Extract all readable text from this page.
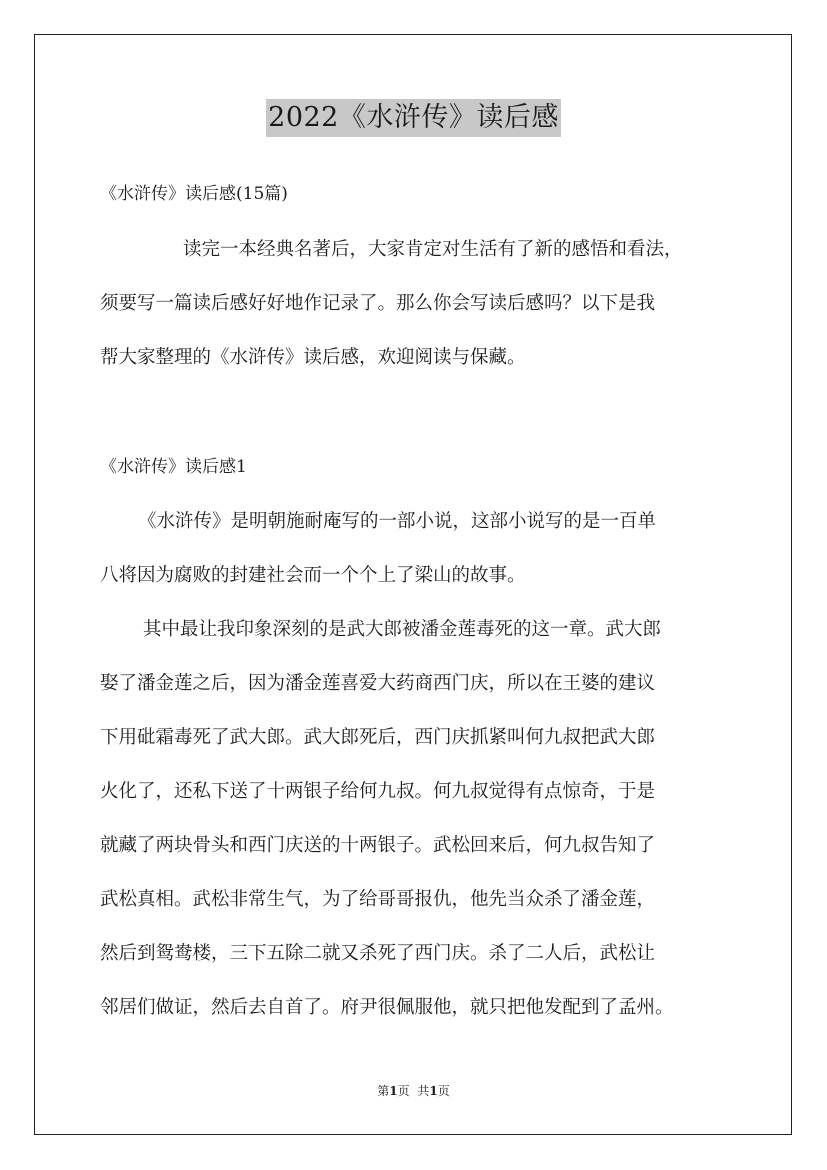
2022《水浒传》读后感
《水浒传》读后感(15篇)
读完一本经典名著后，大家肯定对生活有了新的感悟和看法，
须要写一篇读后感好好地作记录了。那么你会写读后感吗？以下是我
帮大家整理的《水浒传》读后感，欢迎阅读与保藏。
《水浒传》读后感1
《水浒传》是明朝施耐庵写的一部小说，这部小说写的是一百单
八将因为腐败的封建社会而一个个上了梁山的故事。
其中最让我印象深刻的是武大郎被潘金莲毒死的这一章。武大郎
娶了潘金莲之后，因为潘金莲喜爱大药商西门庆，所以在王婆的建议
下用砒霜毒死了武大郎。武大郎死后，西门庆抓紧叫何九叔把武大郎
火化了，还私下送了十两银子给何九叔。何九叔觉得有点惊奇，于是
就藏了两块骨头和西门庆送的十两银子。武松回来后，何九叔告知了
武松真相。武松非常生气，为了给哥哥报仇，他先当众杀了潘金莲，
然后到鸳鸯楼，三下五除二就又杀死了西门庆。杀了二人后，武松让
邻居们做证，然后去自首了。府尹很佩服他，就只把他发配到了孟州。
第1页 共1页
